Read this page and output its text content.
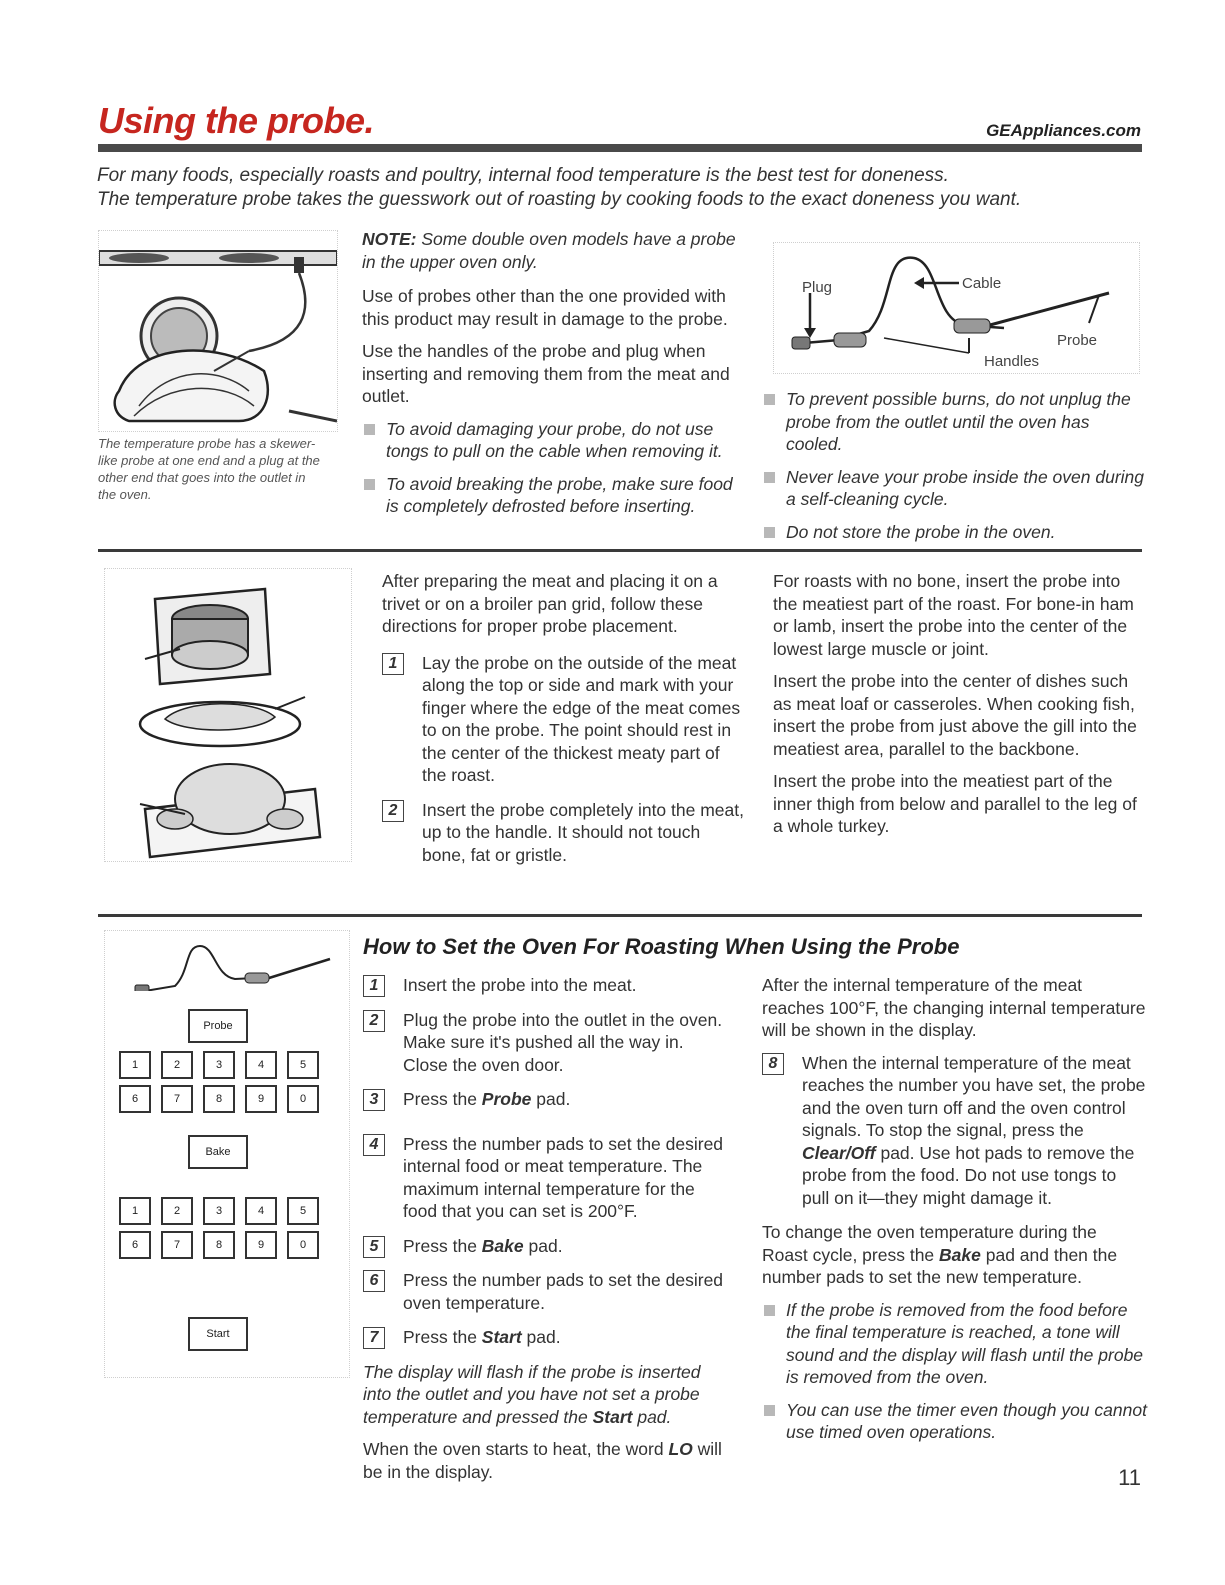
Using the probe.	GEAppliances.com

For many foods, especially roasts and poultry, internal food temperature is the best test for doneness.

The temperature probe takes the guesswork out of roasting by cooking foods to the exact doneness you want.

The temperature probe has a skewer-like probe at one end and a plug at the other end that goes into the outlet in the oven.

NOTE: Some double oven models have a probe in the upper oven only.

Use of probes other than the one provided with this product may result in damage to the probe.

Use the handles of the probe and plug when inserting and removing them from the meat and outlet.

To avoid damaging your probe, do not use tongs to pull on the cable when removing it.

To avoid breaking the probe, make sure food is completely defrosted before inserting.

Plug	Cable
Probe
Handles

To prevent possible burns, do not unplug the probe from the outlet until the oven has cooled.

Never leave your probe inside the oven during a self-cleaning cycle.

Do not store the probe in the oven.

After preparing the meat and placing it on a trivet or on a broiler pan grid, follow these directions for proper probe placement.

1	Lay the probe on the outside of the meat along the top or side and mark with your finger where the edge of the meat comes to on the probe. The point should rest in the center of the thickest meaty part of the roast.
2	Insert the probe completely into the meat, up to the handle. It should not touch bone, fat or gristle.

For roasts with no bone, insert the probe into the meatiest part of the roast. For bone-in ham or lamb, insert the probe into the center of the lowest large muscle or joint.

Insert the probe into the center of dishes such as meat loaf or casseroles. When cooking fish, insert the probe from just above the gill into the meatiest area, parallel to the backbone.

Insert the probe into the meatiest part of the inner thigh from below and parallel to the leg of a whole turkey.

Probe
1	2	3	4	5
6	7	8	9	0
Bake
1	2	3	4	5
6	7	8	9	0
Start
How to Set the Oven For Roasting When Using the Probe
1	Insert the probe into the meat.
2	Plug the probe into the outlet in the oven. Make sure it's pushed all the way in. Close the oven door.
3	Press the Probe pad.
4	Press the number pads to set the desired internal food or meat temperature. The maximum internal temperature for the food that you can set is 200°F.
5	Press the Bake pad.
6	Press the number pads to set the desired oven temperature.
7	Press the Start pad.

The display will flash if the probe is inserted into the outlet and you have not set a probe temperature and pressed the Start pad.

When the oven starts to heat, the word LO will be in the display.

After the internal temperature of the meat reaches 100°F, the changing internal temperature will be shown in the display.

8	When the internal temperature of the meat reaches the number you have set, the probe and the oven turn off and the oven control signals. To stop the signal, press the Clear/Off pad. Use hot pads to remove the probe from the food. Do not use tongs to pull on it—they might damage it.

To change the oven temperature during the Roast cycle, press the Bake pad and then the number pads to set the new temperature.

If the probe is removed from the food before the final temperature is reached, a tone will sound and the display will flash until the probe is removed from the oven.

You can use the timer even though you cannot use timed oven operations.

11
